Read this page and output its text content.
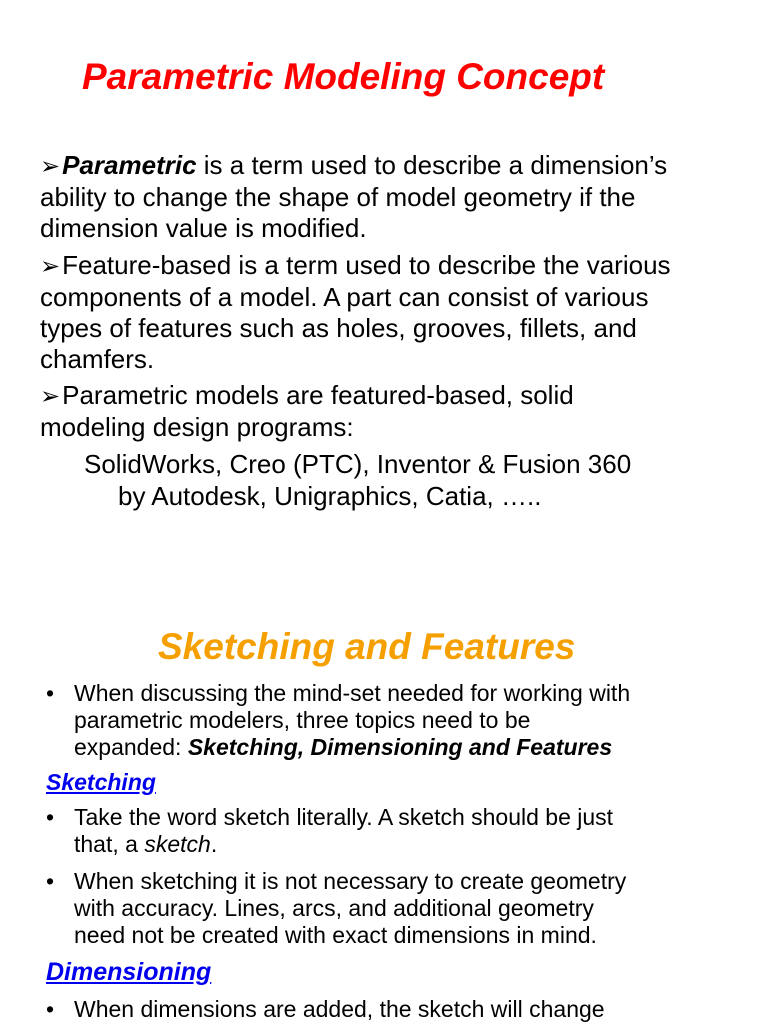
Parametric Modeling Concept
➢Parametric is a term used to describe a dimension’s
ability to change the shape of model geometry if the
dimension value is modified.
➢Feature-based is a term used to describe the various
components of a model. A part can consist of various
types of features such as holes, grooves, fillets, and
chamfers.
➢Parametric models are featured-based, solid
modeling design programs:
SolidWorks, Creo (PTC), Inventor & Fusion 360
by Autodesk, Unigraphics, Catia, …..
Sketching and Features
• When discussing the mind-set needed for working with
parametric modelers, three topics need to be
expanded: Sketching, Dimensioning and Features
Sketching
• Take the word sketch literally. A sketch should be just
that, a sketch.
• When sketching it is not necessary to create geometry
with accuracy. Lines, arcs, and additional geometry
need not be created with exact dimensions in mind.
Dimensioning
• When dimensions are added, the sketch will change
